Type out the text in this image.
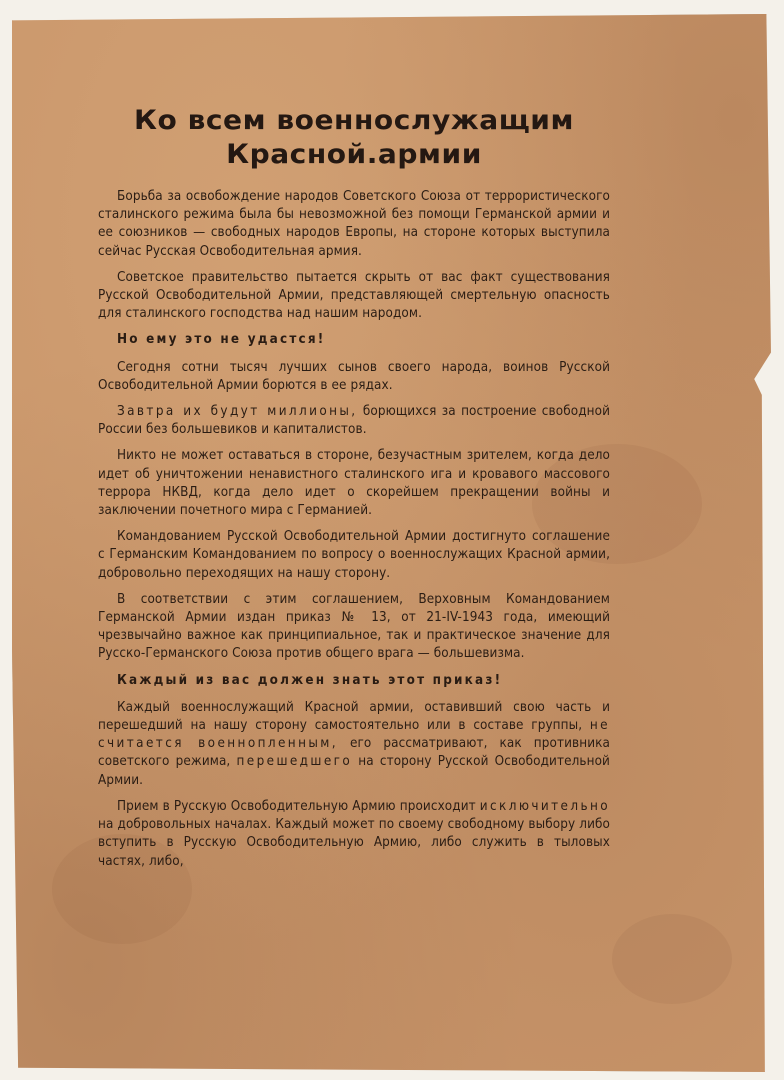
Ко всем военнослужащим
Красной.армии

Борьба за освобождение народов Советского Союза от террористического сталинского режима была бы невозможной без помощи Германской армии и ее союзников — свободных народов Европы, на стороне которых выступила сейчас Русская Освободительная армия.

Советское правительство пытается скрыть от вас факт существования Русской Освободительной Армии, представляющей смертельную опасность для сталинского господства над нашим народом.

Но ему это не удастся!

Сегодня сотни тысяч лучших сынов своего народа, воинов Русской Освободительной Армии борются в ее рядах.

Завтра их будут миллионы, борющихся за построение свободной России без большевиков и капиталистов.

Никто не может оставаться в стороне, безучастным зрителем, когда дело идет об уничтожении ненавистного сталинского ига и кровавого массового террора НКВД, когда дело идет о скорейшем прекращении войны и заключении почетного мира с Германией.

Командованием Русской Освободительной Армии достигнуто соглашение с Германским Командованием по вопросу о военнослужащих Красной армии, добровольно переходящих на нашу сторону.

В соответствии с этим соглашением, Верховным Командованием Германской Армии издан приказ № 13, от 21-IV-1943 года, имеющий чрезвычайно важное как принципиальное, так и практическое значение для Русско-Германского Союза против общего врага — большевизма.

Каждый из вас должен знать этот приказ!

Каждый военнослужащий Красной армии, оставивший свою часть и перешедший на нашу сторону самостоятельно или в составе группы, не считается военнопленным, его рассматривают, как противника советского режима, перешедшего на сторону Русской Освободительной Армии.

Прием в Русскую Освободительную Армию происходит исключительно на добровольных началах. Каждый может по своему свободному выбору либо вступить в Русскую Освободительную Армию, либо служить в тыловых частях, либо,
